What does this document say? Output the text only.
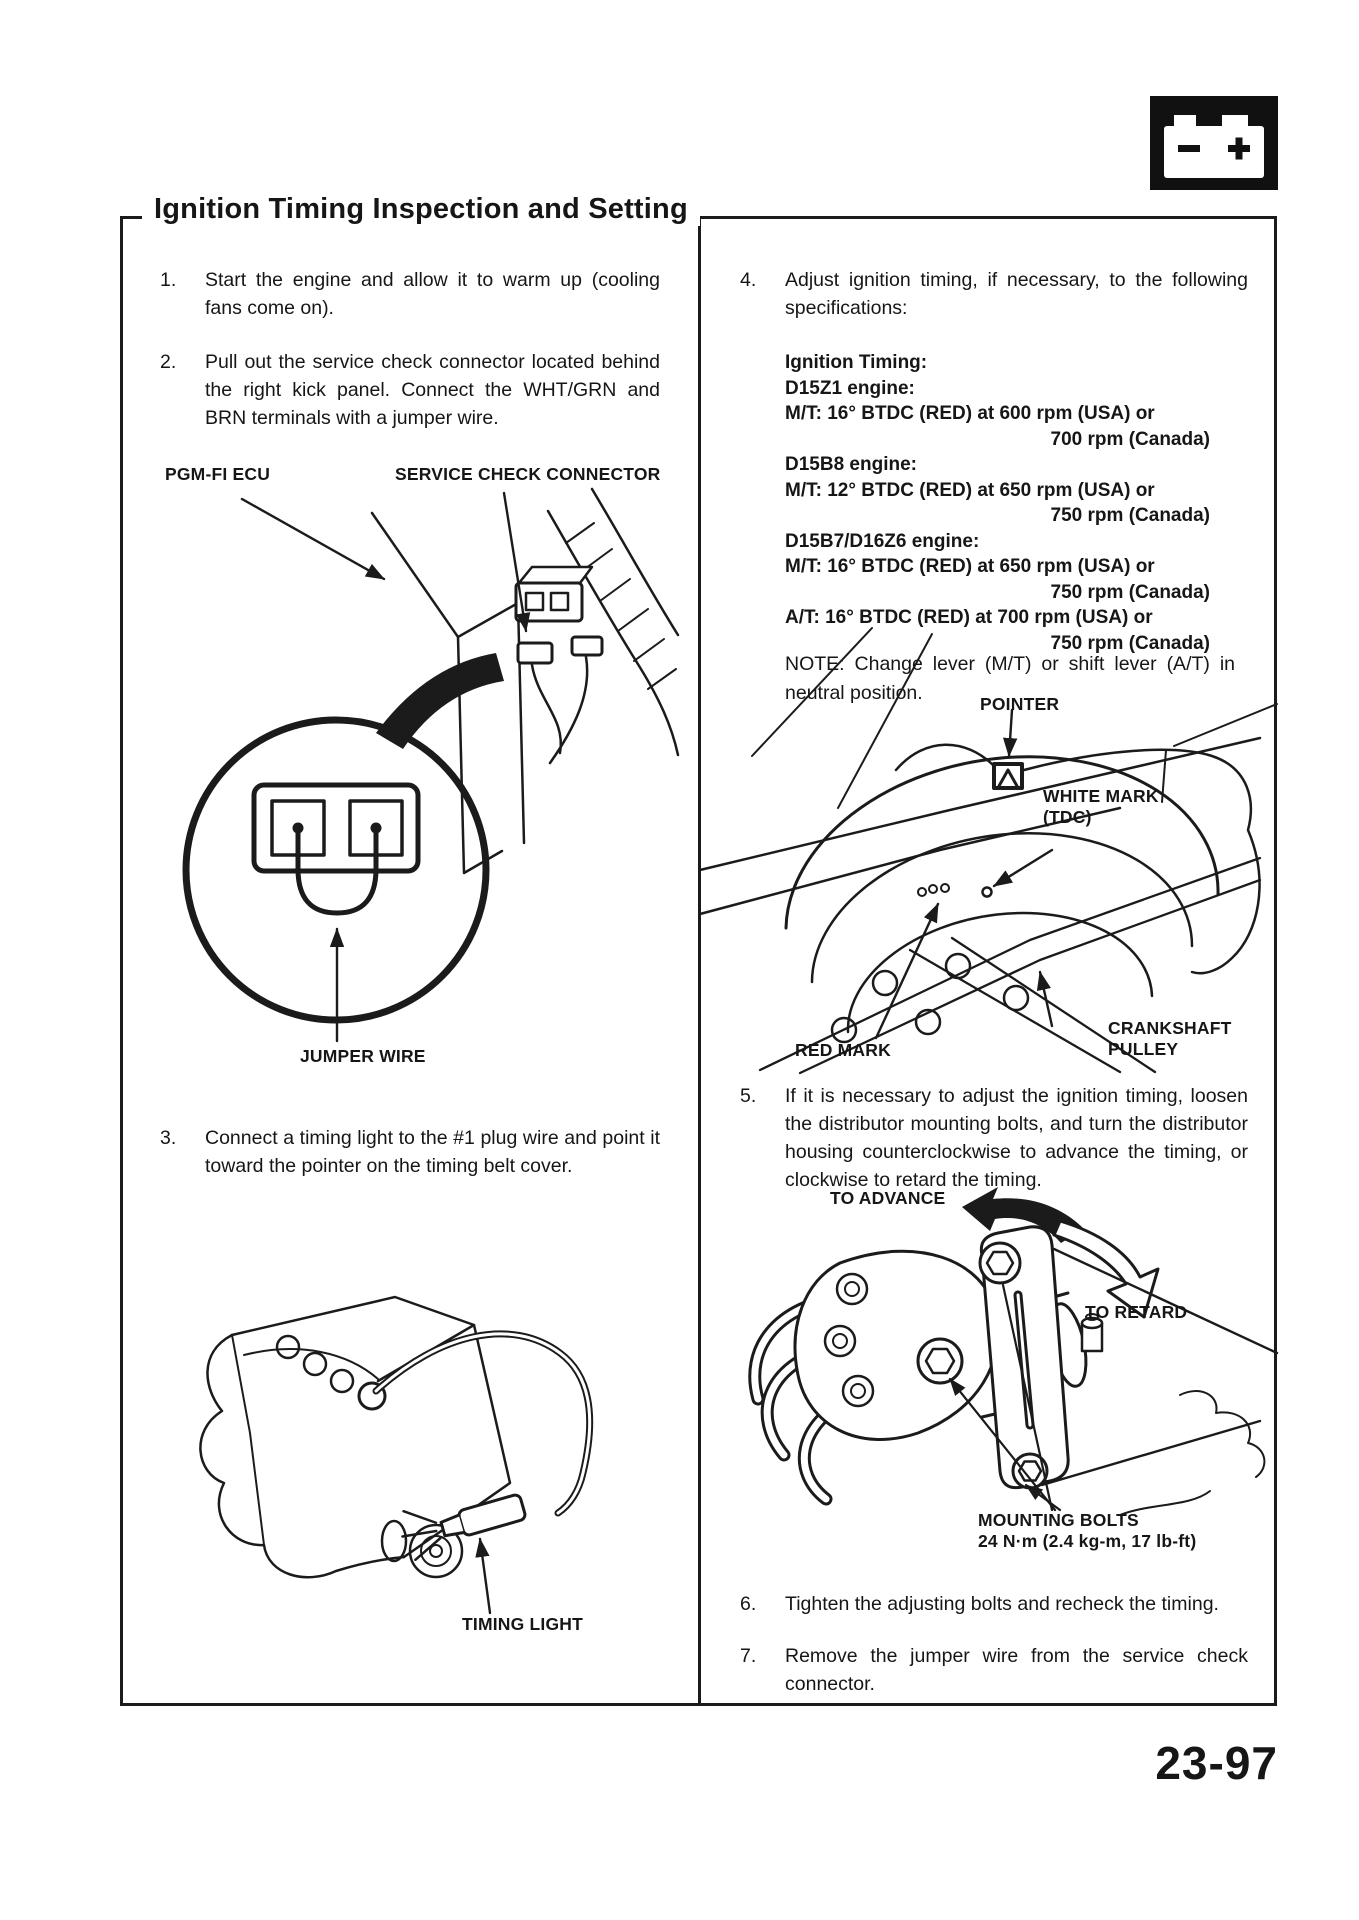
Ignition Timing Inspection and Setting
1.	Start the engine and allow it to warm up (cooling fans come on).
2.	Pull out the service check connector located behind the right kick panel. Connect the WHT/GRN and BRN terminals with a jumper wire.
PGM-FI ECU	SERVICE CHECK CONNECTOR
JUMPER WIRE
3.	Connect a timing light to the #1 plug wire and point it toward the pointer on the timing belt cover.
TIMING LIGHT
4.	Adjust ignition timing, if necessary, to the following specifications:
Ignition Timing:
D15Z1 engine:
M/T: 16° BTDC (RED) at 600 rpm (USA) or
700 rpm (Canada)
D15B8 engine:
M/T: 12° BTDC (RED) at 650 rpm (USA) or
750 rpm (Canada)
D15B7/D16Z6 engine:
M/T: 16° BTDC (RED) at 650 rpm (USA) or
750 rpm (Canada)
A/T: 16° BTDC (RED) at 700 rpm (USA) or
750 rpm (Canada)
NOTE: Change lever (M/T) or shift lever (A/T) in neutral position.	POINTER
WHITE MARK
(TDC)
RED MARK
CRANKSHAFT
PULLEY
5.	If it is necessary to adjust the ignition timing, loosen the distributor mounting bolts, and turn the distributor housing counterclockwise to advance the timing, or clockwise to retard the timing.
TO ADVANCE
TO RETARD
MOUNTING BOLTS
24 N·m (2.4 kg-m, 17 lb-ft)
6.	Tighten the adjusting bolts and recheck the timing.
7.	Remove the jumper wire from the service check connector.
23-97
